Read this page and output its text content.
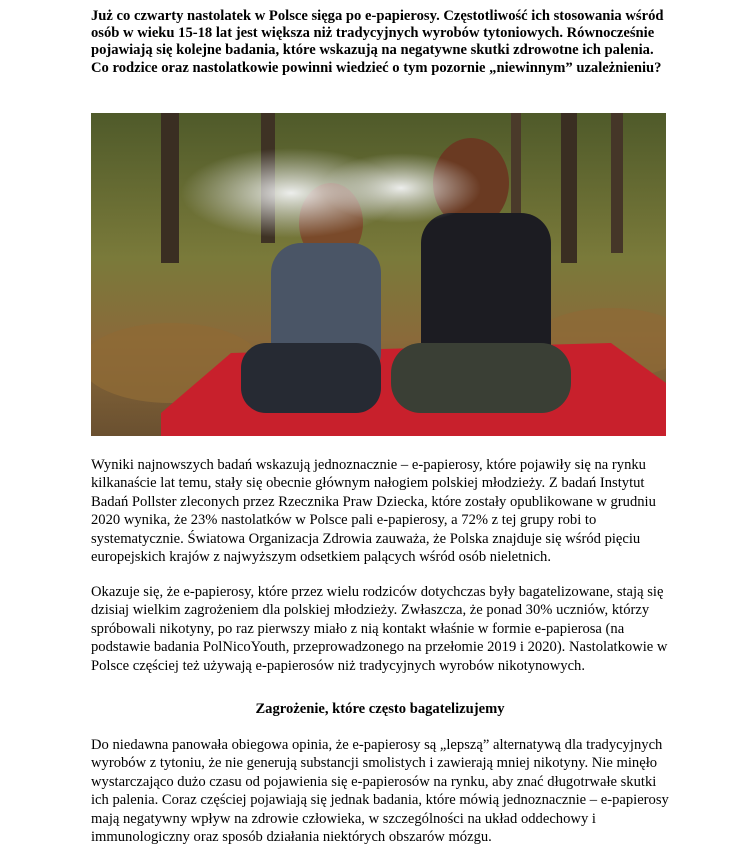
Już co czwarty nastolatek w Polsce sięga po e-papierosy. Częstotliwość ich stosowania wśród osób w wieku 15-18 lat jest większa niż tradycyjnych wyrobów tytoniowych. Równocześnie pojawiają się kolejne badania, które wskazują na negatywne skutki zdrowotne ich palenia. Co rodzice oraz nastolatkowie powinni wiedzieć o tym pozornie „niewinnym” uzależnieniu?

Wyniki najnowszych badań wskazują jednoznacznie – e-papierosy, które pojawiły się na rynku kilkanaście lat temu, stały się obecnie głównym nałogiem polskiej młodzieży. Z badań Instytut Badań Pollster zleconych przez Rzecznika Praw Dziecka, które zostały opublikowane w grudniu 2020 wynika, że 23% nastolatków w Polsce pali e-papierosy, a 72% z tej grupy robi to systematycznie. Światowa Organizacja Zdrowia zauważa, że Polska znajduje się wśród pięciu europejskich krajów z najwyższym odsetkiem palących wśród osób nieletnich.

Okazuje się, że e-papierosy, które przez wielu rodziców dotychczas były bagatelizowane, stają się dzisiaj wielkim zagrożeniem dla polskiej młodzieży. Zwłaszcza, że ponad 30% uczniów, którzy spróbowali nikotyny, po raz pierwszy miało z nią kontakt właśnie w formie e-papierosa (na podstawie badania PolNicoYouth, przeprowadzonego na przełomie 2019 i 2020). Nastolatkowie w Polsce częściej też używają e-papierosów niż tradycyjnych wyrobów nikotynowych.

Zagrożenie, które często bagatelizujemy

Do niedawna panowała obiegowa opinia, że e-papierosy są „lepszą” alternatywą dla tradycyjnych wyrobów z tytoniu, że nie generują substancji smolistych i zawierają mniej nikotyny. Nie minęło wystarczająco dużo czasu od pojawienia się e-papierosów na rynku, aby znać długotrwałe skutki ich palenia. Coraz częściej pojawiają się jednak badania, które mówią jednoznacznie – e-papierosy mają negatywny wpływ na zdrowie człowieka, w szczególności na układ oddechowy i immunologiczny oraz sposób działania niektórych obszarów mózgu.
